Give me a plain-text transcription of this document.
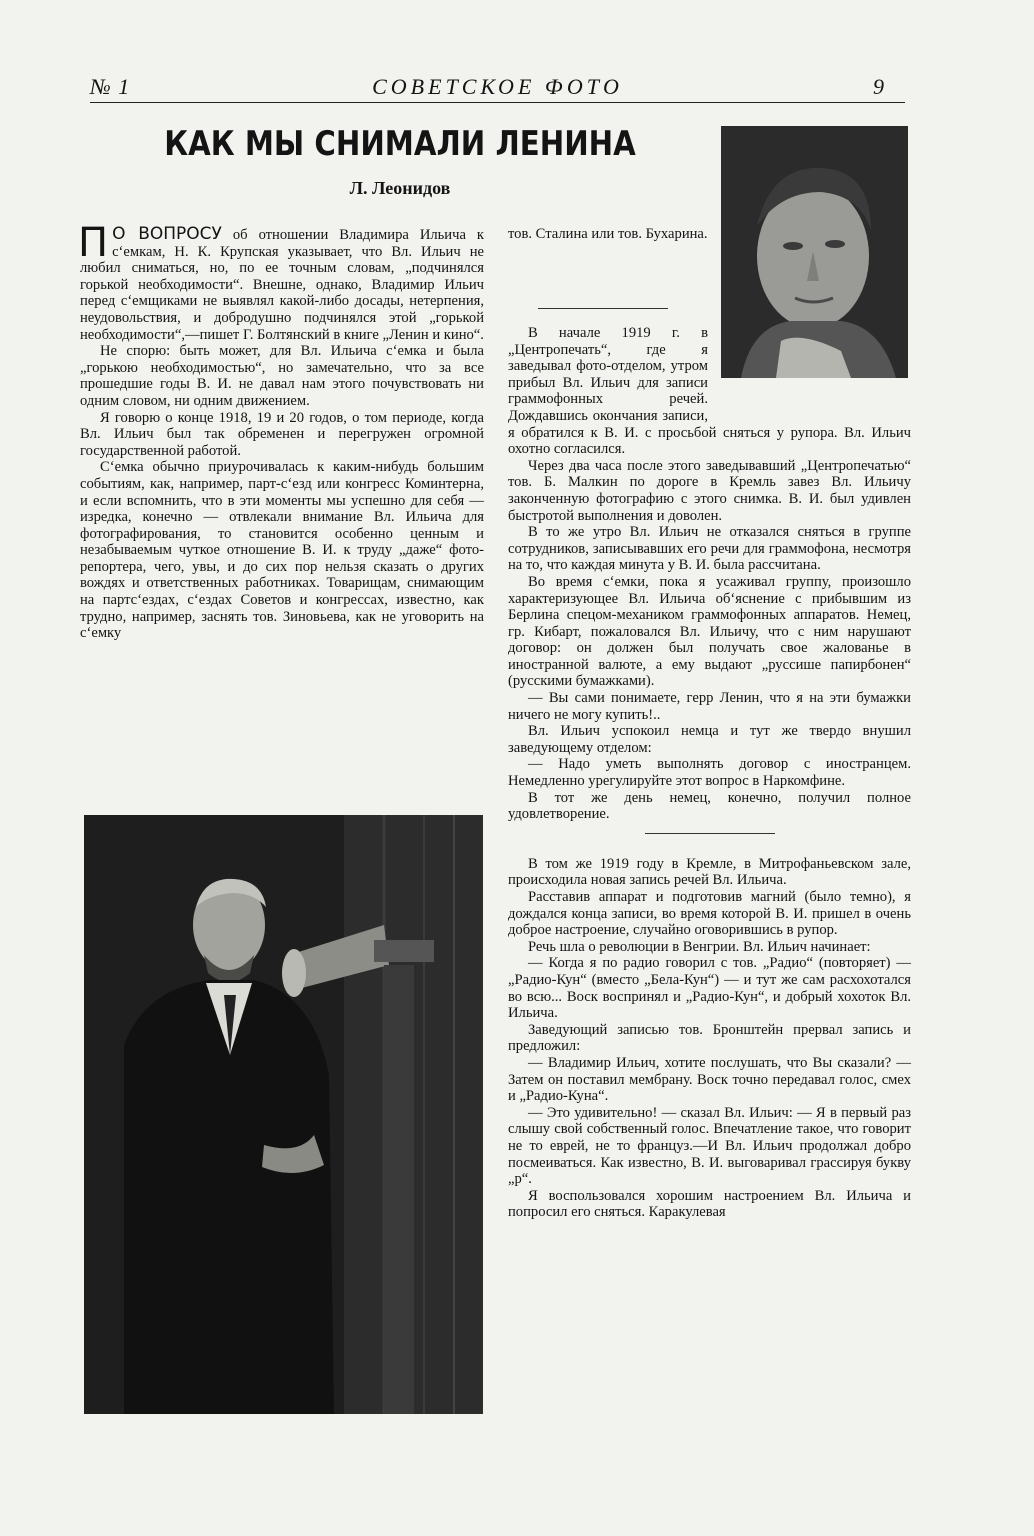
№ 1	СОВЕТСКОЕ ФОТО	9
КАК МЫ СНИМАЛИ ЛЕНИНА
Л. Леонидов

П О ВОПРОСУ об отношении Владимира Ильича к с‘емкам, Н. К. Крупская указывает, что Вл. Ильич не любил сниматься, но, по ее точным словам, „подчинялся горькой необходимости“. Внешне, однако, Владимир Ильич перед с‘емщиками не выявлял какой-либо досады, нетерпения, неудовольствия, и добродушно подчинялся этой „горькой необходимости“,—пишет Г. Болтянский в книге „Ленин и кино“.

Не спорю: быть может, для Вл. Ильича с‘емка и была „горькою необходимостью“, но замечательно, что за все прошедшие годы В. И. не давал нам этого почувствовать ни одним словом, ни одним движением.

Я говорю о конце 1918, 19 и 20 годов, о том периоде, когда Вл. Ильич был так обременен и перегружен огромной государственной работой.

С‘емка обычно приурочивалась к каким-нибудь большим событиям, как, например, парт-с‘езд или конгресс Коминтерна, и если вспомнить, что в эти моменты мы успешно для себя — изредка, конечно — отвлекали внимание Вл. Ильича для фотографирования, то становится особенно ценным и незабываемым чуткое отношение В. И. к труду „даже“ фото-репортера, чего, увы, и до сих пор нельзя сказать о других вождях и ответственных работниках. Товарищам, снимающим на партс‘ездах, с‘ездах Советов и конгрессах, известно, как трудно, например, заснять тов. Зиновьева, как не уговорить на с‘емку

тов. Сталина или тов. Бухарина.

В начале 1919 г. в „Центропечать“, где я заведывал фото-отделом, утром прибыл Вл. Ильич для записи граммофонных речей. Дождавшись окончания записи, я обратился к В. И. с просьбой сняться у рупора. Вл. Ильич охотно согласился.

Через два часа после этого заведывавший „Центропечатью“ тов. Б. Малкин по дороге в Кремль завез Вл. Ильичу законченную фотографию с этого снимка. В. И. был удивлен быстротой выполнения и доволен.

В то же утро Вл. Ильич не отказался сняться в группе сотрудников, записывавших его речи для граммофона, несмотря на то, что каждая минута у В. И. была рассчитана.

Во время с‘емки, пока я усаживал группу, произошло характеризующее Вл. Ильича об‘яснение с прибывшим из Берлина спецом-механиком граммофонных аппаратов. Немец, гр. Кибарт, пожаловался Вл. Ильичу, что с ним нарушают договор: он должен был получать свое жалованье в иностранной валюте, а ему выдают „руссише папирбонен“ (русскими бумажками).

— Вы сами понимаете, герр Ленин, что я на эти бумажки ничего не могу купить!..

Вл. Ильич успокоил немца и тут же твердо внушил заведующему отделом:

— Надо уметь выполнять договор с иностранцем. Немедленно урегулируйте этот вопрос в Наркомфине.

В тот же день немец, конечно, получил полное удовлетворение.

В том же 1919 году в Кремле, в Митрофаньевском зале, происходила новая запись речей Вл. Ильича.

Расставив аппарат и подготовив магний (было темно), я дождался конца записи, во время которой В. И. пришел в очень доброе настроение, случайно оговорившись в рупор.

Речь шла о революции в Венгрии. Вл. Ильич начинает:

— Когда я по радио говорил с тов. „Радио“ (повторяет) —„Радио-Кун“ (вместо „Бела-Кун“) — и тут же сам расхохотался во всю... Воск воспринял и „Радио-Кун“, и добрый хохоток Вл. Ильича.

Заведующий записью тов. Бронштейн прервал запись и предложил:

— Владимир Ильич, хотите послушать, что Вы сказали? — Затем он поставил мембрану. Воск точно передавал голос, смех и „Радио-Куна“.

— Это удивительно! — сказал Вл. Ильич: — Я в первый раз слышу свой собственный голос. Впечатление такое, что говорит не то еврей, не то француз.—И Вл. Ильич продолжал добро посмеиваться. Как известно, В. И. выговаривал грассируя букву „р“.

Я воспользовался хорошим настроением Вл. Ильича и попросил его сняться. Каракулевая
